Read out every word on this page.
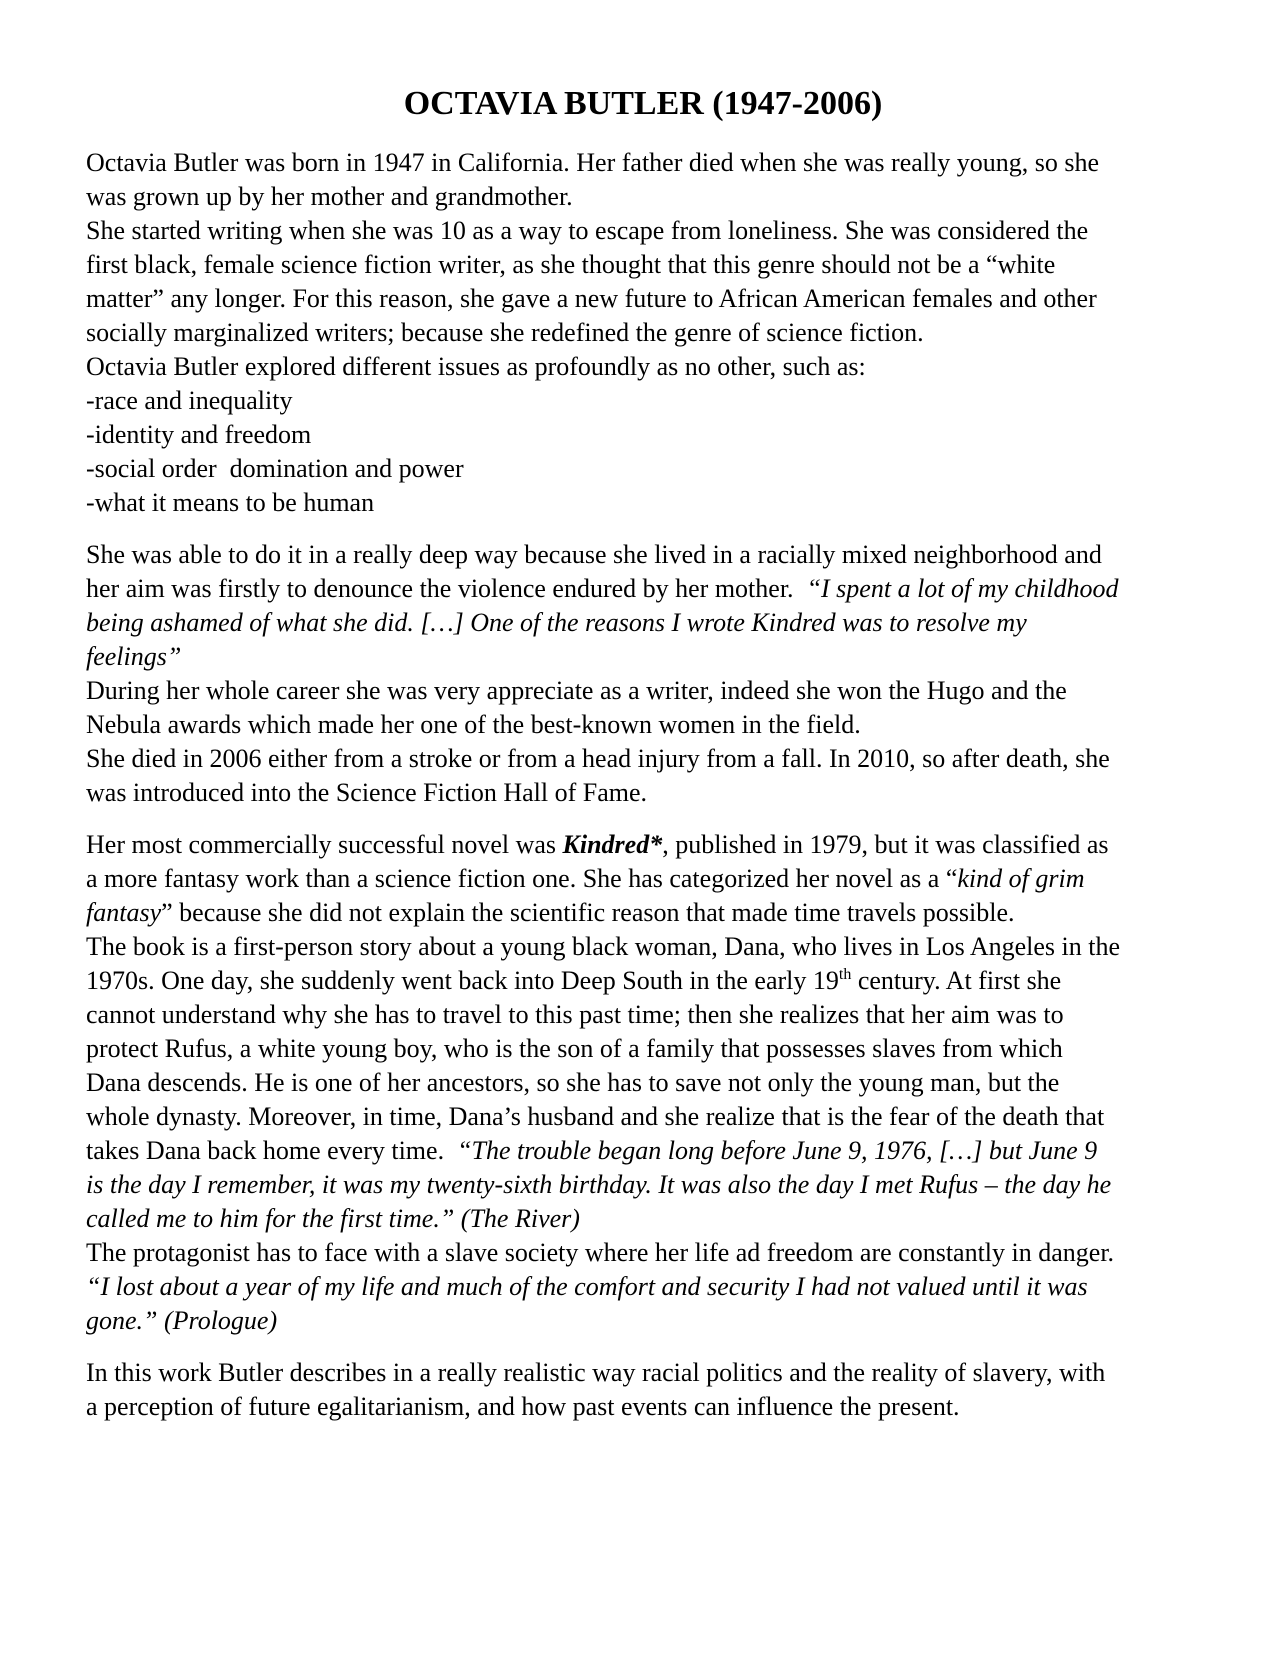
OCTAVIA BUTLER (1947-2006)
Octavia Butler was born in 1947 in California. Her father died when she was really young, so she
was grown up by her mother and grandmother.
She started writing when she was 10 as a way to escape from loneliness. She was considered the
first black, female science fiction writer, as she thought that this genre should not be a “white
matter” any longer. For this reason, she gave a new future to African American females and other
socially marginalized writers; because she redefined the genre of science fiction.
Octavia Butler explored different issues as profoundly as no other, such as:
-race and inequality
-identity and freedom
-social order  domination and power
-what it means to be human
She was able to do it in a really deep way because she lived in a racially mixed neighborhood and
her aim was firstly to denounce the violence endured by her mother.  “I spent a lot of my childhood
being ashamed of what she did. […] One of the reasons I wrote Kindred was to resolve my
feelings”
During her whole career she was very appreciate as a writer, indeed she won the Hugo and the
Nebula awards which made her one of the best-known women in the field.
She died in 2006 either from a stroke or from a head injury from a fall. In 2010, so after death, she
was introduced into the Science Fiction Hall of Fame.
Her most commercially successful novel was Kindred*, published in 1979, but it was classified as
a more fantasy work than a science fiction one. She has categorized her novel as a “kind of grim
fantasy” because she did not explain the scientific reason that made time travels possible.
The book is a first-person story about a young black woman, Dana, who lives in Los Angeles in the
1970s. One day, she suddenly went back into Deep South in the early 19th century. At first she
cannot understand why she has to travel to this past time; then she realizes that her aim was to
protect Rufus, a white young boy, who is the son of a family that possesses slaves from which
Dana descends. He is one of her ancestors, so she has to save not only the young man, but the
whole dynasty. Moreover, in time, Dana’s husband and she realize that is the fear of the death that
takes Dana back home every time.  “The trouble began long before June 9, 1976, […] but June 9
is the day I remember, it was my twenty-sixth birthday. It was also the day I met Rufus – the day he
called me to him for the first time.” (The River)
The protagonist has to face with a slave society where her life ad freedom are constantly in danger.
“I lost about a year of my life and much of the comfort and security I had not valued until it was
gone.” (Prologue)
In this work Butler describes in a really realistic way racial politics and the reality of slavery, with
a perception of future egalitarianism, and how past events can influence the present.
